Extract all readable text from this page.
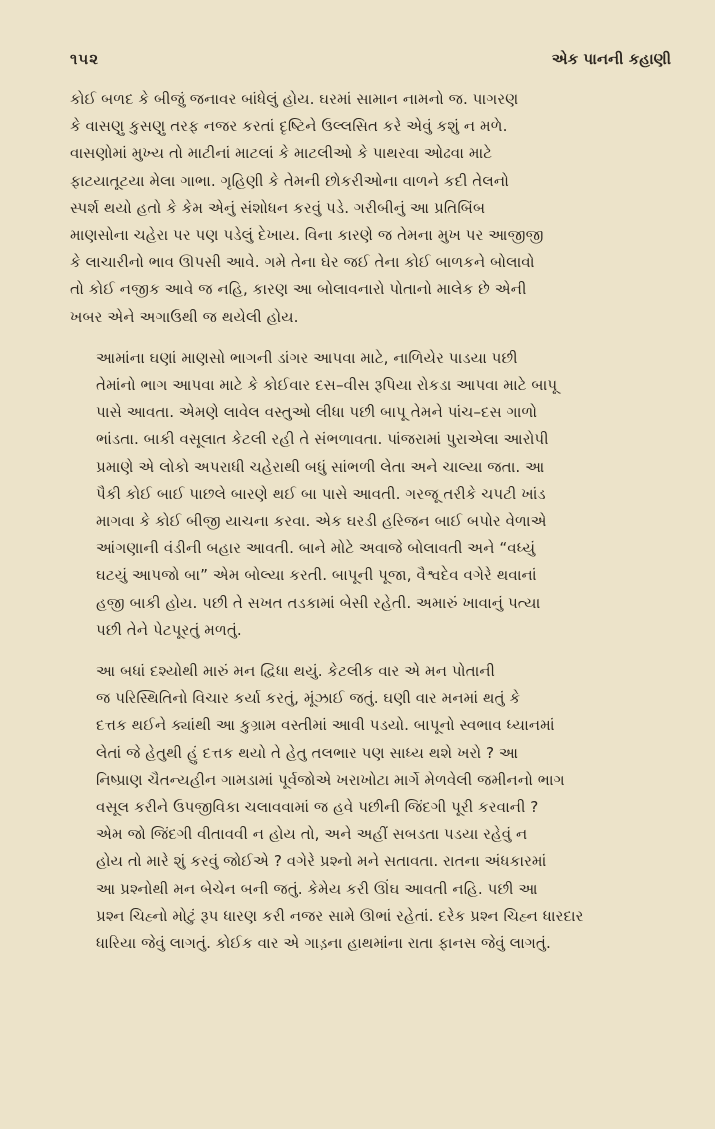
૧૫૨	એક પાનની કહાણી

કોઈ બળદ કે બીજું જનાવર બાંધેલું હોય. ઘરમાં સામાન નામનો જ. પાગરણ
કે વાસણુ કુસણુ તરફ નજર કરતાં દૃષ્ટિને ઉલ્લસિત કરે એવું કશું ન મળે.
વાસણોમાં મુખ્ય તો માટીનાં માટલાં કે માટલીઓ કે પાથરવા ઓઢવા માટે
ફાટયાતૂટયા મેલા ગાભા. ગૃહિણી કે તેમની છોકરીઓના વાળને કદી તેલનો
સ્પર્શ થયો હતો કે કેમ એનું સંશોધન કરવું પડે. ગરીબીનું આ પ્રતિબિંબ
માણસોના ચહેરા પર પણ પડેલું દેખાય. વિના કારણે જ તેમના મુખ પર આજીજી
કે લાચારીનો ભાવ ઊપસી આવે. ગમે તેના ઘેર જઈ તેના કોઈ બાળકને બોલાવો
તો કોઈ નજીક આવે જ નહિ, કારણ આ બોલાવનારો પોતાનો માલેક છે એની
ખબર એને અગાઉથી જ થયેલી હોય.

આમાંના ઘણાં માણસો ભાગની ડાંગર આપવા માટે, નાળિયેર પાડયા પછી
તેમાંનો ભાગ આપવા માટે કે કોઈવાર દસ–વીસ રૂપિયા રોકડા આપવા માટે બાપૂ
પાસે આવતા. એમણે લાવેલ વસ્તુઓ લીધા પછી બાપૂ તેમને પાંચ–દસ ગાળો
ભાંડતા. બાકી વસૂલાત કેટલી રહી તે સંભળાવતા. પાંજરામાં પુરાએલા આરોપી
પ્રમાણે એ લોકો અપરાધી ચહેરાથી બધું સાંભળી લેતા અને ચાલ્યા જતા. આ
પૈકી કોઈ બાઈ પાછલે બારણે થઈ બા પાસે આવતી. ગરજૂ તરીકે ચપટી ખાંડ
માગવા કે કોઈ બીજી યાચના કરવા. એક ઘરડી હરિજન બાઈ બપોર વેળાએ
આંગણાની વંડીની બહાર આવતી. બાને મોટે અવાજે બોલાવતી અને “વધ્યું
ઘટયું આપજો બા” એમ બોલ્યા કરતી. બાપૂની પૂજા, વૈશ્વદેવ વગેરે થવાનાં
હજી બાકી હોય. પછી તે સખત તડકામાં બેસી રહેતી. અમારું ખાવાનું પત્યા
પછી તેને પેટપૂરતું મળતું.

આ બધાં દશ્યોથી મારું મન દ્વિધા થયું. કેટલીક વાર એ મન પોતાની
જ પરિસ્થિતિનો વિચાર કર્યા કરતું, મૂંઝાઈ જતું. ઘણી વાર મનમાં થતું કે
દત્તક થઈને ક્યાંથી આ કુગ્રામ વસ્તીમાં આવી પડયો. બાપૂનો સ્વભાવ ધ્યાનમાં
લેતાં જે હેતુથી હું દત્તક થયો તે હેતુ તલભાર પણ સાધ્ય થશે ખરો ? આ
નિષ્પ્રાણ ચૈતન્યહીન ગામડામાં પૂર્વજોએ ખરાખોટા માર્ગે મેળવેલી જમીનનો ભાગ
વસૂલ કરીને ઉપજીવિકા ચલાવવામાં જ હવે પછીની જિંદગી પૂરી કરવાની ?
એમ જો જિંદગી વીતાવવી ન હોય તો, અને અહીં સબડતા પડયા રહેવું ન
હોય તો મારે શું કરવું જોઈએ ? વગેરે પ્રશ્નો મને સતાવતા. રાતના અંધકારમાં
આ પ્રશ્નોથી મન બેચેન બની જતું. કેમેય કરી ઊંઘ આવતી નહિ. પછી આ
પ્રશ્ન ચિહ્નો મોટું રૂપ ધારણ કરી નજર સામે ઊભાં રહેતાં. દરેક પ્રશ્ન ચિહ્ન ધારદાર
ધારિયા જેવું લાગતું. કોઈક વાર એ ગાડ઼ના હાથમાંના રાતા ફાનસ જેવું લાગતું.
